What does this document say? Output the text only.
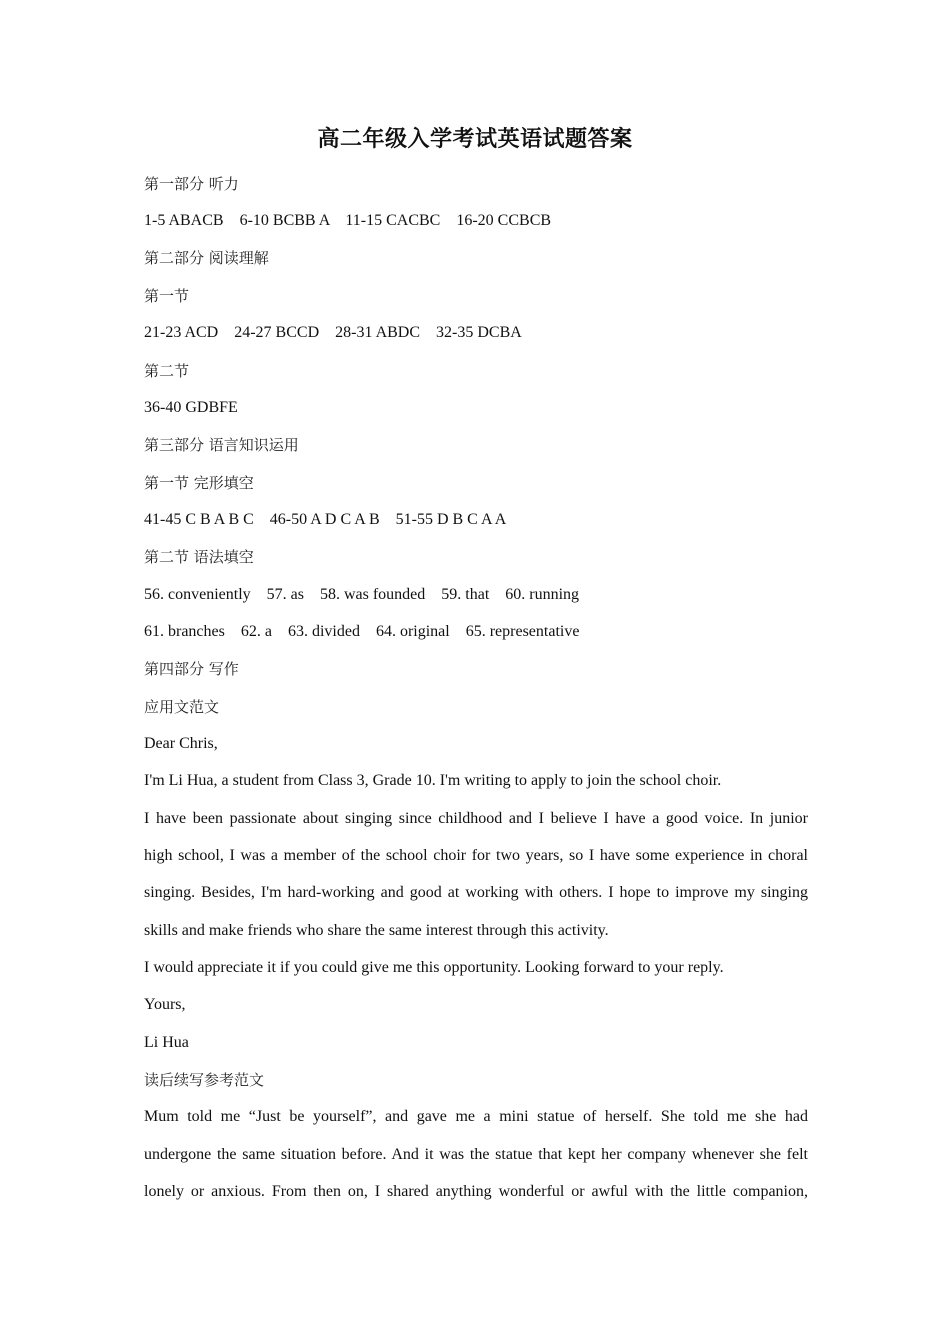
高二年级入学考试英语试题答案
第一部分 听力
1-5 ABACB    6-10 BCBB A    11-15 CACBC    16-20 CCBCB
第二部分 阅读理解
第一节
21-23 ACD    24-27 BCCD    28-31 ABDC    32-35 DCBA
第二节
36-40 GDBFE
第三部分 语言知识运用
第一节 完形填空
41-45 C B A B C    46-50 A D C A B    51-55 D B C A A
第二节 语法填空
56. conveniently    57. as    58. was founded    59. that    60. running
61. branches    62. a    63. divided    64. original    65. representative
第四部分 写作
应用文范文
Dear Chris,
I'm Li Hua, a student from Class 3, Grade 10. I'm writing to apply to join the school choir.
I have been passionate about singing since childhood and I believe I have a good voice. In junior
high school, I was a member of the school choir for two years, so I have some experience in choral
singing. Besides, I'm hard-working and good at working with others. I hope to improve my singing
skills and make friends who share the same interest through this activity.
I would appreciate it if you could give me this opportunity. Looking forward to your reply.
Yours,
Li Hua
读后续写参考范文
Mum told me “Just be yourself”, and gave me a mini statue of herself. She told me she had
undergone the same situation before. And it was the statue that kept her company whenever she felt
lonely or anxious. From then on, I shared anything wonderful or awful with the little companion,
